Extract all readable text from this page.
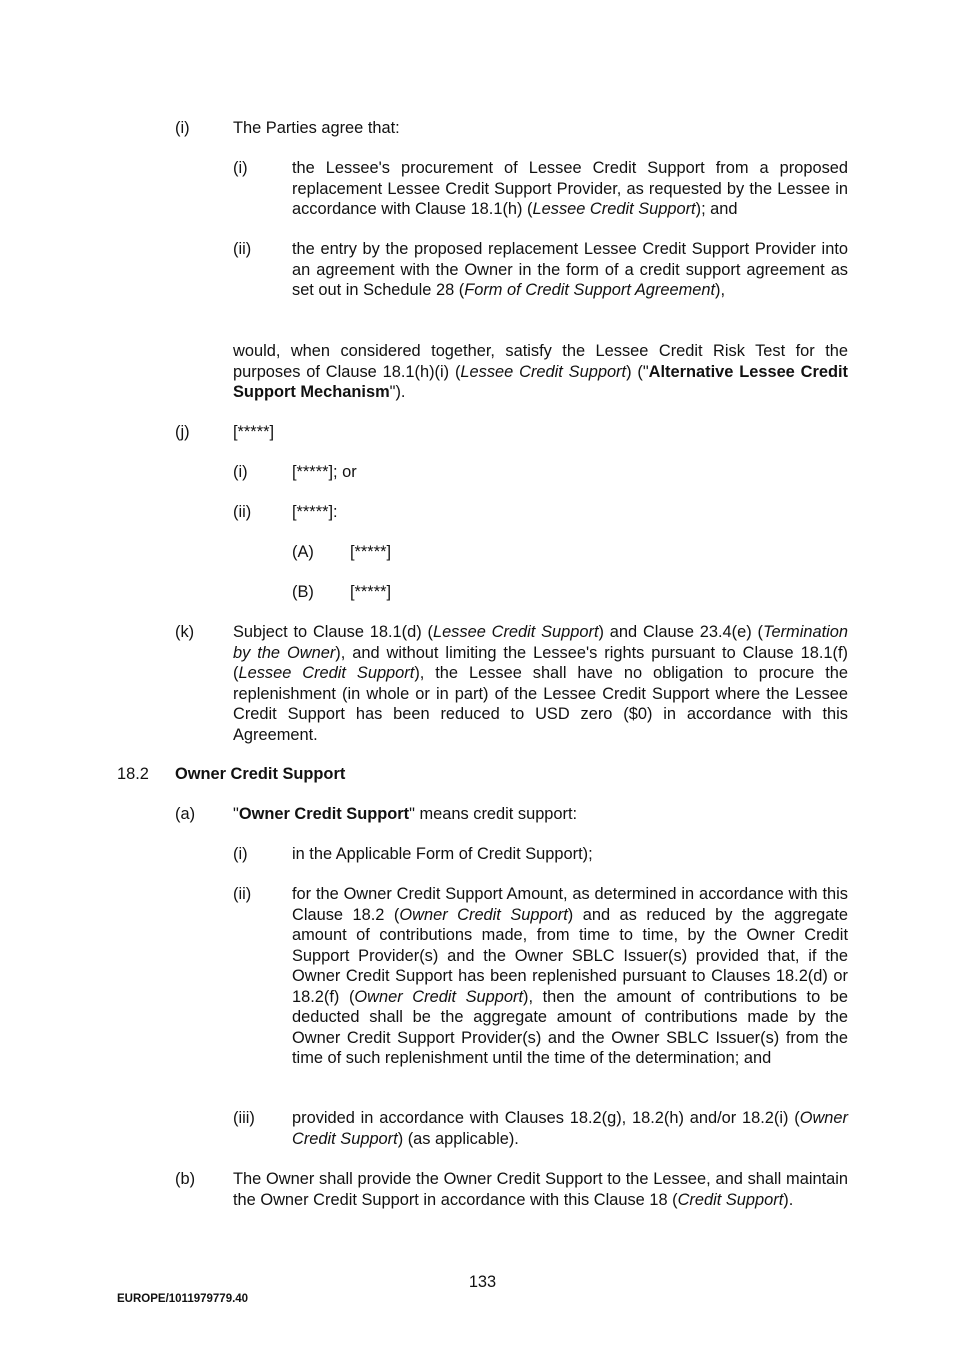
(i)	The Parties agree that:
(i)	the Lessee's procurement of Lessee Credit Support from a proposed replacement Lessee Credit Support Provider, as requested by the Lessee in accordance with Clause 18.1(h) (Lessee Credit Support); and
(ii) the entry by the proposed replacement Lessee Credit Support Provider into an agreement with the Owner in the form of a credit support agreement as set out in Schedule 28 (Form of Credit Support Agreement),
would, when considered together, satisfy the Lessee Credit Risk Test for the purposes of Clause 18.1(h)(i) (Lessee Credit Support) ("Alternative Lessee Credit Support Mechanism").
(j)	[*****]
(i)	[*****]; or
(ii) [*****]:
(A) [*****]
(B) [*****]
(k) Subject to Clause 18.1(d) (Lessee Credit Support) and Clause 23.4(e) (Termination by the Owner), and without limiting the Lessee's rights pursuant to Clause 18.1(f) (Lessee Credit Support), the Lessee shall have no obligation to procure the replenishment (in whole or in part) of the Lessee Credit Support where the Lessee Credit Support has been reduced to USD zero ($0) in accordance with this Agreement.
18.2 Owner Credit Support
(a) "Owner Credit Support" means credit support:
(i)	in the Applicable Form of Credit Support);
(ii) for the Owner Credit Support Amount, as determined in accordance with this Clause 18.2 (Owner Credit Support) and as reduced by the aggregate amount of contributions made, from time to time, by the Owner Credit Support Provider(s) and the Owner SBLC Issuer(s) provided that, if the Owner Credit Support has been replenished pursuant to Clauses 18.2(d) or 18.2(f) (Owner Credit Support), then the amount of contributions to be deducted shall be the aggregate amount of contributions made by the Owner Credit Support Provider(s) and the Owner SBLC Issuer(s) from the time of such replenishment until the time of the determination; and
(iii) provided in accordance with Clauses 18.2(g), 18.2(h) and/or 18.2(i) (Owner Credit Support) (as applicable).
(b) The Owner shall provide the Owner Credit Support to the Lessee, and shall maintain the Owner Credit Support in accordance with this Clause 18 (Credit Support).
133
EUROPE/1011979779.40
